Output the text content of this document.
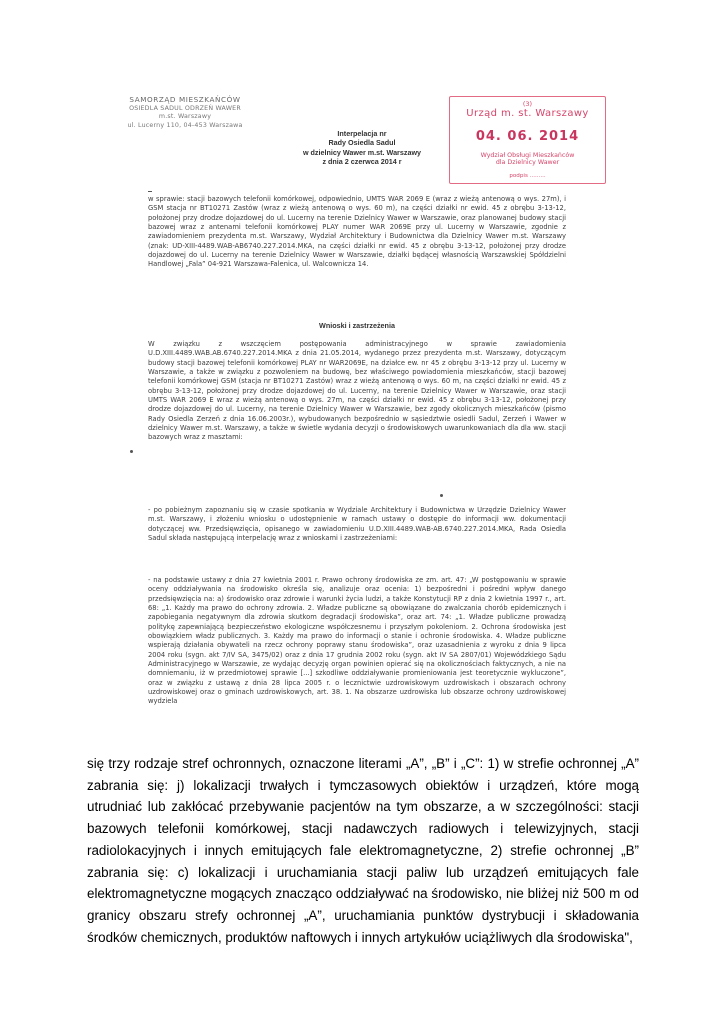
SAMORZĄD MIESZKAŃCÓW
OSIEDLA SADUL ODRZEŃ WAWER
m.st. Warszawy
ul. Lucerny 110, 04-453 Warszawa
Interpelacja nr
Rady Osiedla Sadul
w dzielnicy Wawer m.st. Warszawy
z dnia 2 czerwca 2014 r
(3)
Urząd m. st. Warszawy
04. 06. 2014
Wydział Obsługi Mieszkańców
dla Dzielnicy Wawer
podpis .........

w sprawie: stacji bazowych telefonii komórkowej, odpowiednio, UMTS WAR 2069 E (wraz z wieżą antenową o wys. 27m), i GSM stacja nr BT10271 Zastów (wraz z wieżą antenową o wys. 60 m), na części działki nr ewid. 45 z obrębu 3-13-12, położonej przy drodze dojazdowej do ul. Lucerny na terenie Dzielnicy Wawer w Warszawie, oraz planowanej budowy stacji bazowej wraz z antenami telefonii komórkowej PLAY numer WAR 2069E przy ul. Lucerny w Warszawie, zgodnie z zawiadomieniem prezydenta m.st. Warszawy, Wydział Architektury i Budownictwa dla Dzielnicy Wawer m.st. Warszawy (znak: UD-XIII-4489.WAB-AB6740.227.2014.MKA, na części działki nr ewid. 45 z obrębu 3-13-12, położonej przy drodze dojazdowej do ul. Lucerny na terenie Dzielnicy Wawer w Warszawie, działki będącej własnością Warszawskiej Spółdzielni Handlowej „Fala” 04-921 Warszawa-Falenica, ul. Walcownicza 14.

Wnioski i zastrzeżenia

W związku z wszczęciem postępowania administracyjnego w sprawie zawiadomienia U.D.XIII.4489.WAB.AB.6740.227.2014.MKA z dnia 21.05.2014, wydanego przez prezydenta m.st. Warszawy, dotyczącym budowy stacji bazowej telefonii komórkowej PLAY nr WAR2069E, na działce ew. nr 45 z obrębu 3-13-12 przy ul. Lucerny w Warszawie, a także w związku z pozwoleniem na budowę, bez właściwego powiadomienia mieszkańców, stacji bazowej telefonii komórkowej GSM (stacja nr BT10271 Zastów) wraz z wieżą antenową o wys. 60 m, na części działki nr ewid. 45 z obrębu 3-13-12, położonej przy drodze dojazdowej do ul. Lucerny, na terenie Dzielnicy Wawer w Warszawie, oraz stacji UMTS WAR 2069 E wraz z wieżą antenową o wys. 27m, na części działki nr ewid. 45 z obrębu 3-13-12, położonej przy drodze dojazdowej do ul. Lucerny, na terenie Dzielnicy Wawer w Warszawie, bez zgody okolicznych mieszkańców (pismo Rady Osiedla Zerzeń z dnia 16.06.2003r.), wybudowanych bezpośrednio w sąsiedztwie osiedli Sadul, Zerzeń i Wawer w dzielnicy Wawer m.st. Warszawy, a także w świetle wydania decyzji o środowiskowych uwarunkowaniach dla dla ww. stacji bazowych wraz z masztami:

- po pobieżnym zapoznaniu się w czasie spotkania w Wydziale Architektury i Budownictwa w Urzędzie Dzielnicy Wawer m.st. Warszawy, i złożeniu wniosku o udostępnienie w ramach ustawy o dostępie do informacji ww. dokumentacji dotyczącej ww. Przedsięwzięcia, opisanego w zawiadomieniu U.D.XIII.4489.WAB-AB.6740.227.2014.MKA, Rada Osiedla Sadul składa następującą interpelację wraz z wnioskami i zastrzeżeniami:

- na podstawie ustawy z dnia 27 kwietnia 2001 r. Prawo ochrony środowiska ze zm. art. 47: „W postępowaniu w sprawie oceny oddziaływania na środowisko określa się, analizuje oraz ocenia: 1) bezpośredni i pośredni wpływ danego przedsięwzięcia na: a) środowisko oraz zdrowie i warunki życia ludzi, a także Konstytucji RP z dnia 2 kwietnia 1997 r., art. 68: „1. Każdy ma prawo do ochrony zdrowia. 2. Władze publiczne są obowiązane do zwalczania chorób epidemicznych i zapobiegania negatywnym dla zdrowia skutkom degradacji środowiska”, oraz art. 74: „1. Władze publiczne prowadzą politykę zapewniającą bezpieczeństwo ekologiczne współczesnemu i przyszłym pokoleniom. 2. Ochrona środowiska jest obowiązkiem władz publicznych. 3. Każdy ma prawo do informacji o stanie i ochronie środowiska. 4. Władze publiczne wspierają działania obywateli na rzecz ochrony poprawy stanu środowiska”, oraz uzasadnienia z wyroku z dnia 9 lipca 2004 roku (sygn. akt 7/IV SA, 3475/02) oraz z dnia 17 grudnia 2002 roku (sygn. akt IV SA 2807/01) Wojewódzkiego Sądu Administracyjnego w Warszawie, ze wydając decyzję organ powinien opierać się na okolicznościach faktycznych, a nie na domniemaniu, iż w przedmiotowej sprawie [...] szkodliwe oddziaływanie promieniowania jest teoretycznie wykluczone”, oraz w związku z ustawą z dnia 28 lipca 2005 r. o lecznictwie uzdrowiskowym uzdrowiskach i obszarach ochrony uzdrowiskowej oraz o gminach uzdrowiskowych, art. 38. 1. Na obszarze uzdrowiska lub obszarze ochrony uzdrowiskowej wydziela

się trzy rodzaje stref ochronnych, oznaczone literami „A”, „B” i „C”: 1) w strefie ochronnej „A” zabrania się: j) lokalizacji trwałych i tymczasowych obiektów i urządzeń, które mogą utrudniać lub zakłócać przebywanie pacjentów na tym obszarze, a w szczególności: stacji bazowych telefonii komórkowej, stacji nadawczych radiowych i telewizyjnych, stacji radiolokacyjnych i innych emitujących fale elektromagnetyczne, 2) strefie ochronnej „B” zabrania się: c) lokalizacji i uruchamiania stacji paliw lub urządzeń emitujących fale elektromagnetyczne mogących znacząco oddziaływać na środowisko, nie bliżej niż 500 m od granicy obszaru strefy ochronnej „A”, uruchamiania punktów dystrybucji i składowania środków chemicznych, produktów naftowych i innych artykułów uciążliwych dla środowiska",
